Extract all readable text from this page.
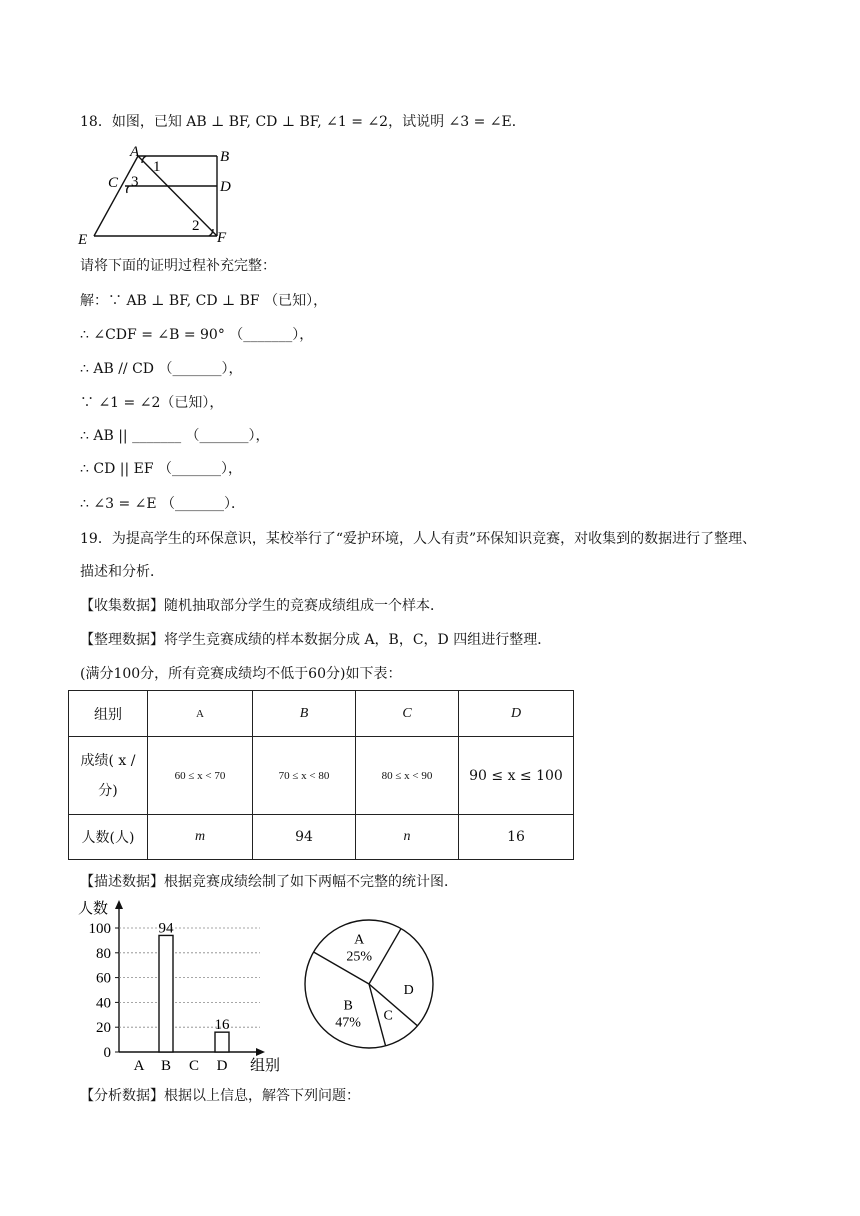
18．如图，已知 AB ⊥ BF, CD ⊥ BF, ∠1 = ∠2，试说明 ∠3 = ∠E．
A	B
C	D
E	F
1
3
2
请将下面的证明过程补充完整：
解：∵ AB ⊥ BF, CD ⊥ BF （已知），
∴ ∠CDF = ∠B = 90° （_______），
∴ AB // CD （_______），
∵ ∠1 = ∠2（已知），
∴ AB || _______ （_______），
∴ CD || EF （_______），
∴ ∠3 = ∠E （_______）．
19．为提高学生的环保意识，某校举行了“爱护环境，人人有责”环保知识竞赛，对收集到的数据进行了整理、
描述和分析．
【收集数据】随机抽取部分学生的竞赛成绩组成一个样本．
【整理数据】将学生竞赛成绩的样本数据分成 A，B，C，D 四组进行整理．
(满分100分，所有竞赛成绩均不低于60分)如下表：
组别	A	B	C	D

成绩( x /
分)	60 ≤ x < 70	70 ≤ x < 80	80 ≤ x < 90	90 ≤ x ≤ 100
人数(人)	m	94	n	16
【描述数据】根据竞赛成绩绘制了如下两幅不完整的统计图．
人数
组别
0
20
40
60
80
100
A B
94
C D
16
A
25%
B
47% C
D
【分析数据】根据以上信息，解答下列问题：
